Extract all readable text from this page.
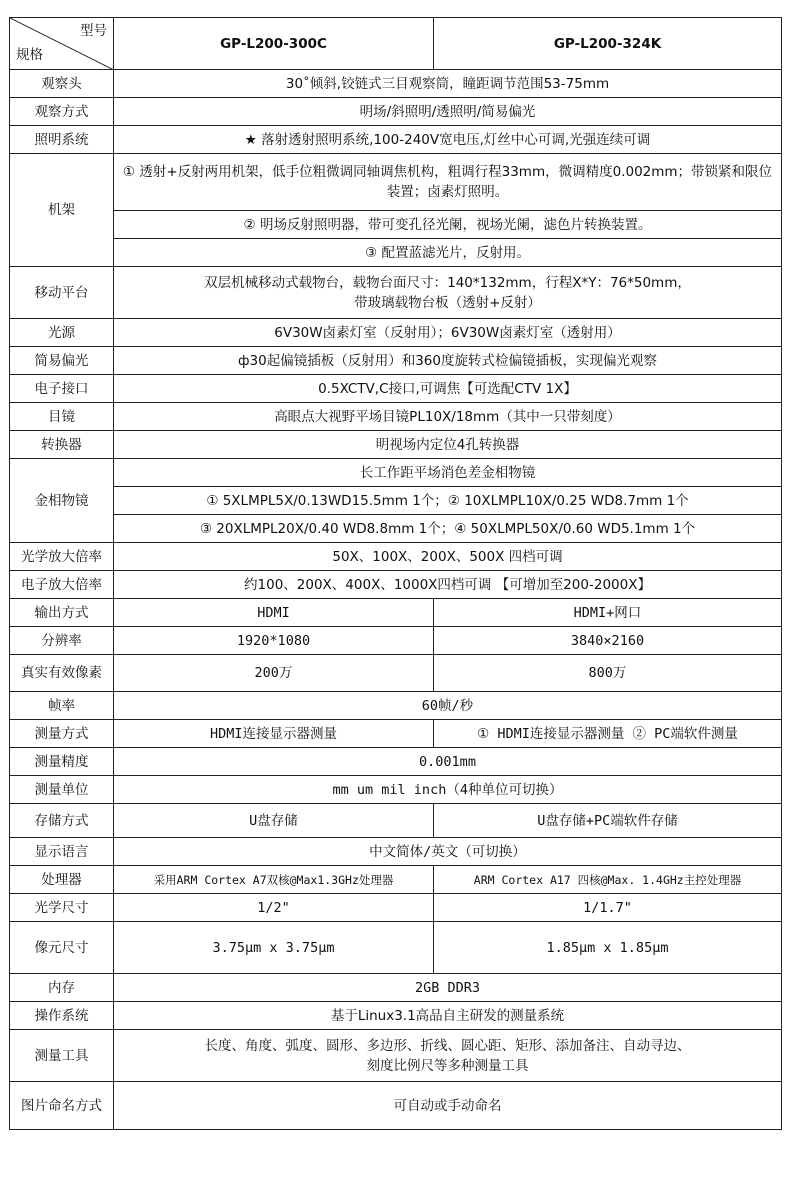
型号
规格	GP-L200-300C	GP-L200-324K
观察头	30˚倾斜,铰链式三目观察筒，瞳距调节范围53-75mm	
观察方式	明场/斜照明/透照明/简易偏光	
照明系统	★ 落射透射照明系统,100-240V宽电压,灯丝中心可调,光强连续可调	
机架	① 透射+反射两用机架，低手位粗微调同轴调焦机构，粗调行程33mm，微调精度0.002mm；带锁紧和限位装置；卤素灯照明。	
	② 明场反射照明器，带可变孔径光阑，视场光阑，滤色片转换装置。	
	③ 配置蓝滤光片，反射用。	
移动平台	双层机械移动式载物台，载物台面尺寸：140*132mm，行程X*Y：76*50mm，
带玻璃载物台板（透射+反射）	

光源	6V30W卤素灯室（反射用）；6V30W卤素灯室（透射用）	
简易偏光	ф30起偏镜插板（反射用）和360度旋转式检偏镜插板，实现偏光观察	
电子接口	0.5XCTV,C接口,可调焦【可选配CTV 1X】	
目镜	高眼点大视野平场目镜PL10X/18mm（其中一只带刻度）	
转换器	明视场内定位4孔转换器	
金相物镜	长工作距平场消色差金相物镜	
	① 5XLMPL5X/0.13WD15.5mm 1个；② 10XLMPL10X/0.25 WD8.7mm 1个	
	③ 20XLMPL20X/0.40 WD8.8mm 1个；④ 50XLMPL50X/0.60 WD5.1mm 1个	
光学放大倍率	50X、100X、200X、500X 四档可调	
电子放大倍率	约100、200X、400X、1000X四档可调 【可增加至200-2000X】	
输出方式	HDMI	HDMI+网口
分辨率	1920*1080	3840×2160
真实有效像素	200万	800万
帧率	60帧/秒	
测量方式	HDMI连接显示器测量	① HDMI连接显示器测量 ② PC端软件测量
测量精度	0.001mm	
测量单位	mm um mil inch（4种单位可切换）	
存储方式	U盘存储	U盘存储+PC端软件存储
显示语言	中文简体/英文（可切换）	
处理器	采用ARM Cortex A7双核@Max1.3GHz处理器	ARM Cortex A17 四核@Max. 1.4GHz主控处理器
光学尺寸	1/2"	1/1.7"
像元尺寸	3.75µm x 3.75µm	1.85µm x 1.85µm
内存	2GB DDR3	
操作系统	基于Linux3.1高品自主研发的测量系统	
测量工具	长度、角度、弧度、圆形、多边形、折线、圆心距、矩形、添加备注、自动寻边、
刻度比例尺等多种测量工具	

图片命名方式	可自动或手动命名	
